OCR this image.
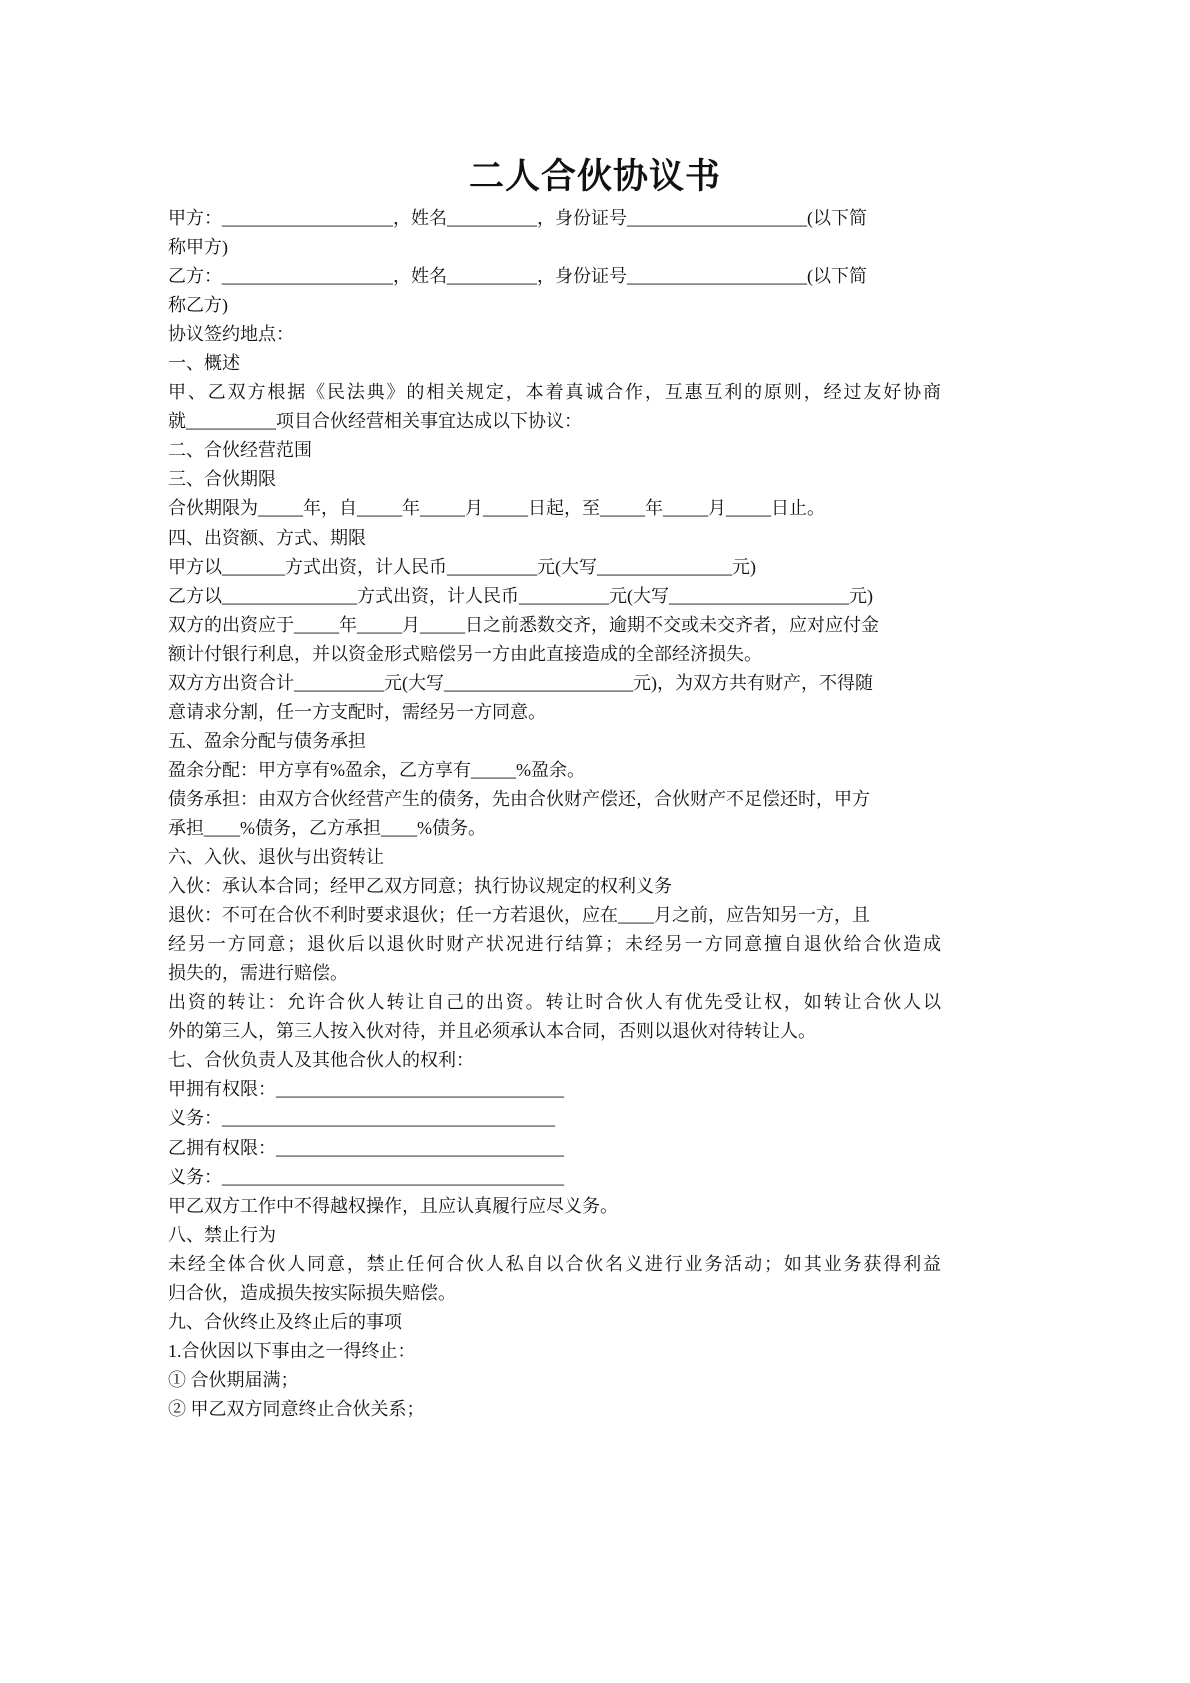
二人合伙协议书
甲方：___________________，姓名__________，身份证号____________________(以下简
称甲方)
乙方：___________________，姓名__________，身份证号____________________(以下简
称乙方)
协议签约地点：
一、概述
甲、乙双方根据《民法典》的相关规定，本着真诚合作，互惠互利的原则，经过友好协商
就__________项目合伙经营相关事宜达成以下协议：
二、合伙经营范围
三、合伙期限
合伙期限为_____年，自_____年_____月_____日起，至_____年_____月_____日止。
四、出资额、方式、期限
甲方以_______方式出资，计人民币__________元(大写_______________元)
乙方以_______________方式出资，计人民币__________元(大写____________________元)
双方的出资应于_____年_____月_____日之前悉数交齐，逾期不交或未交齐者，应对应付金
额计付银行利息，并以资金形式赔偿另一方由此直接造成的全部经济损失。
双方方出资合计__________元(大写_____________________元)，为双方共有财产，不得随
意请求分割，任一方支配时，需经另一方同意。
五、盈余分配与债务承担
盈余分配：甲方享有%盈余，乙方享有_____%盈余。
债务承担：由双方合伙经营产生的债务，先由合伙财产偿还，合伙财产不足偿还时，甲方
承担____%债务，乙方承担____%债务。
六、入伙、退伙与出资转让
入伙：承认本合同；经甲乙双方同意；执行协议规定的权利义务
退伙：不可在合伙不利时要求退伙；任一方若退伙，应在____月之前，应告知另一方，且
经另一方同意；退伙后以退伙时财产状况进行结算；未经另一方同意擅自退伙给合伙造成
损失的，需进行赔偿。
出资的转让：允许合伙人转让自己的出资。转让时合伙人有优先受让权，如转让合伙人以
外的第三人，第三人按入伙对待，并且必须承认本合同，否则以退伙对待转让人。
七、合伙负责人及其他合伙人的权利：
甲拥有权限：________________________________
义务：_____________________________________
乙拥有权限：________________________________
义务：______________________________________
甲乙双方工作中不得越权操作，且应认真履行应尽义务。
八、禁止行为
未经全体合伙人同意，禁止任何合伙人私自以合伙名义进行业务活动；如其业务获得利益
归合伙，造成损失按实际损失赔偿。
九、合伙终止及终止后的事项
1.合伙因以下事由之一得终止：
① 合伙期届满；
② 甲乙双方同意终止合伙关系；
